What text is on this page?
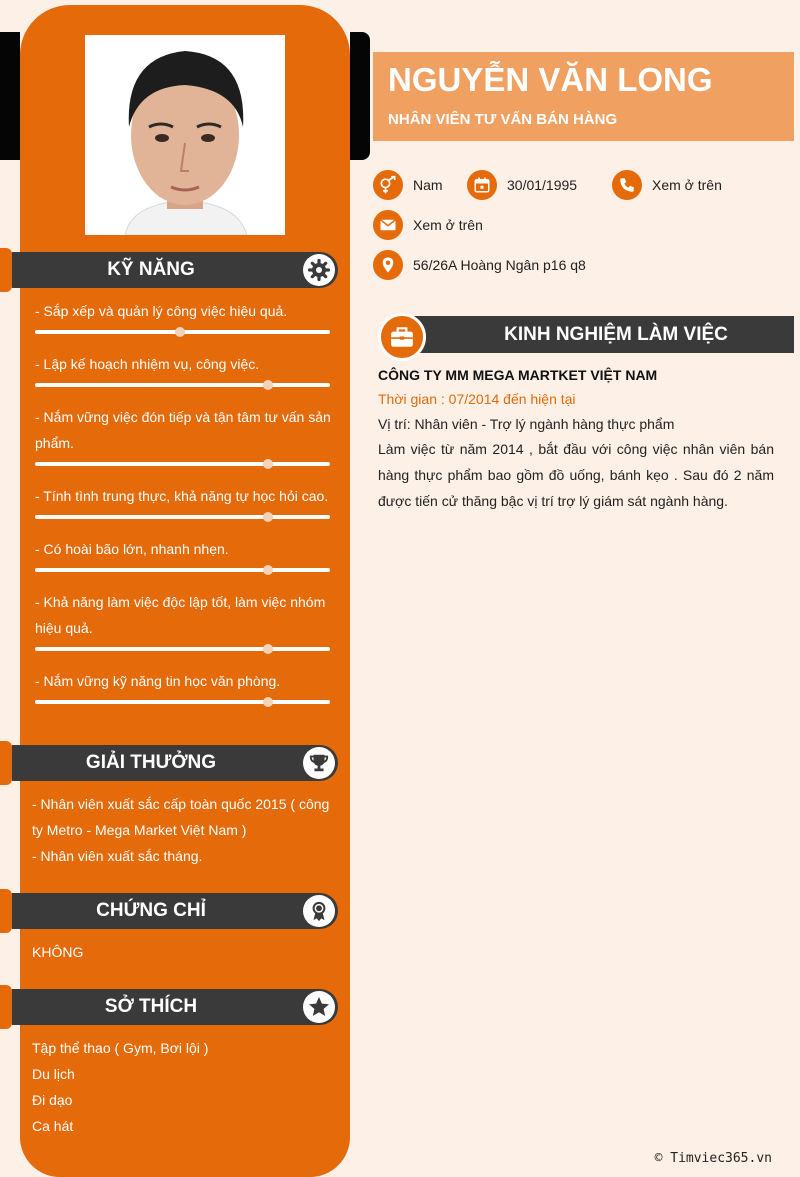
KỸ NĂNG
- Sắp xếp và quản lý công việc hiệu quả.
- Lập kế hoạch nhiệm vụ, công việc.
- Nắm vững việc đón tiếp và tận tâm tư vấn sản phẩm.
- Tính tình trung thực, khả năng tự học hỏi cao.
- Có hoài bão lớn, nhanh nhẹn.
- Khả năng làm việc độc lập tốt, làm việc nhóm hiệu quả.
- Nắm vững kỹ năng tin học văn phòng.
GIẢI THƯỞNG
- Nhân viên xuất sắc cấp toàn quốc 2015 ( công ty Metro - Mega Market Việt Nam )
- Nhân viên xuất sắc tháng.
CHỨNG CHỈ
KHÔNG
SỞ THÍCH
Tập thể thao ( Gym, Bơi lội )
Du lịch
Đi dạo
Ca hát
NGUYỄN VĂN LONG
NHÂN VIÊN TƯ VẤN BÁN HÀNG
Nam	30/01/1995	Xem ở trên
Xem ở trên
56/26A Hoàng Ngân p16 q8
KINH NGHIỆM LÀM VIỆC
CÔNG TY MM MEGA MARTKET VIỆT NAM
Thời gian : 07/2014 đến hiện tại
Vị trí: Nhân viên - Trợ lý ngành hàng thực phẩm
Làm việc từ năm 2014 , bắt đầu với công việc nhân viên bán hàng thực phẩm bao gồm đồ uống, bánh kẹo . Sau đó 2 năm được tiến cử thăng bậc vị trí trợ lý giám sát ngành hàng.
© Timviec365.vn
